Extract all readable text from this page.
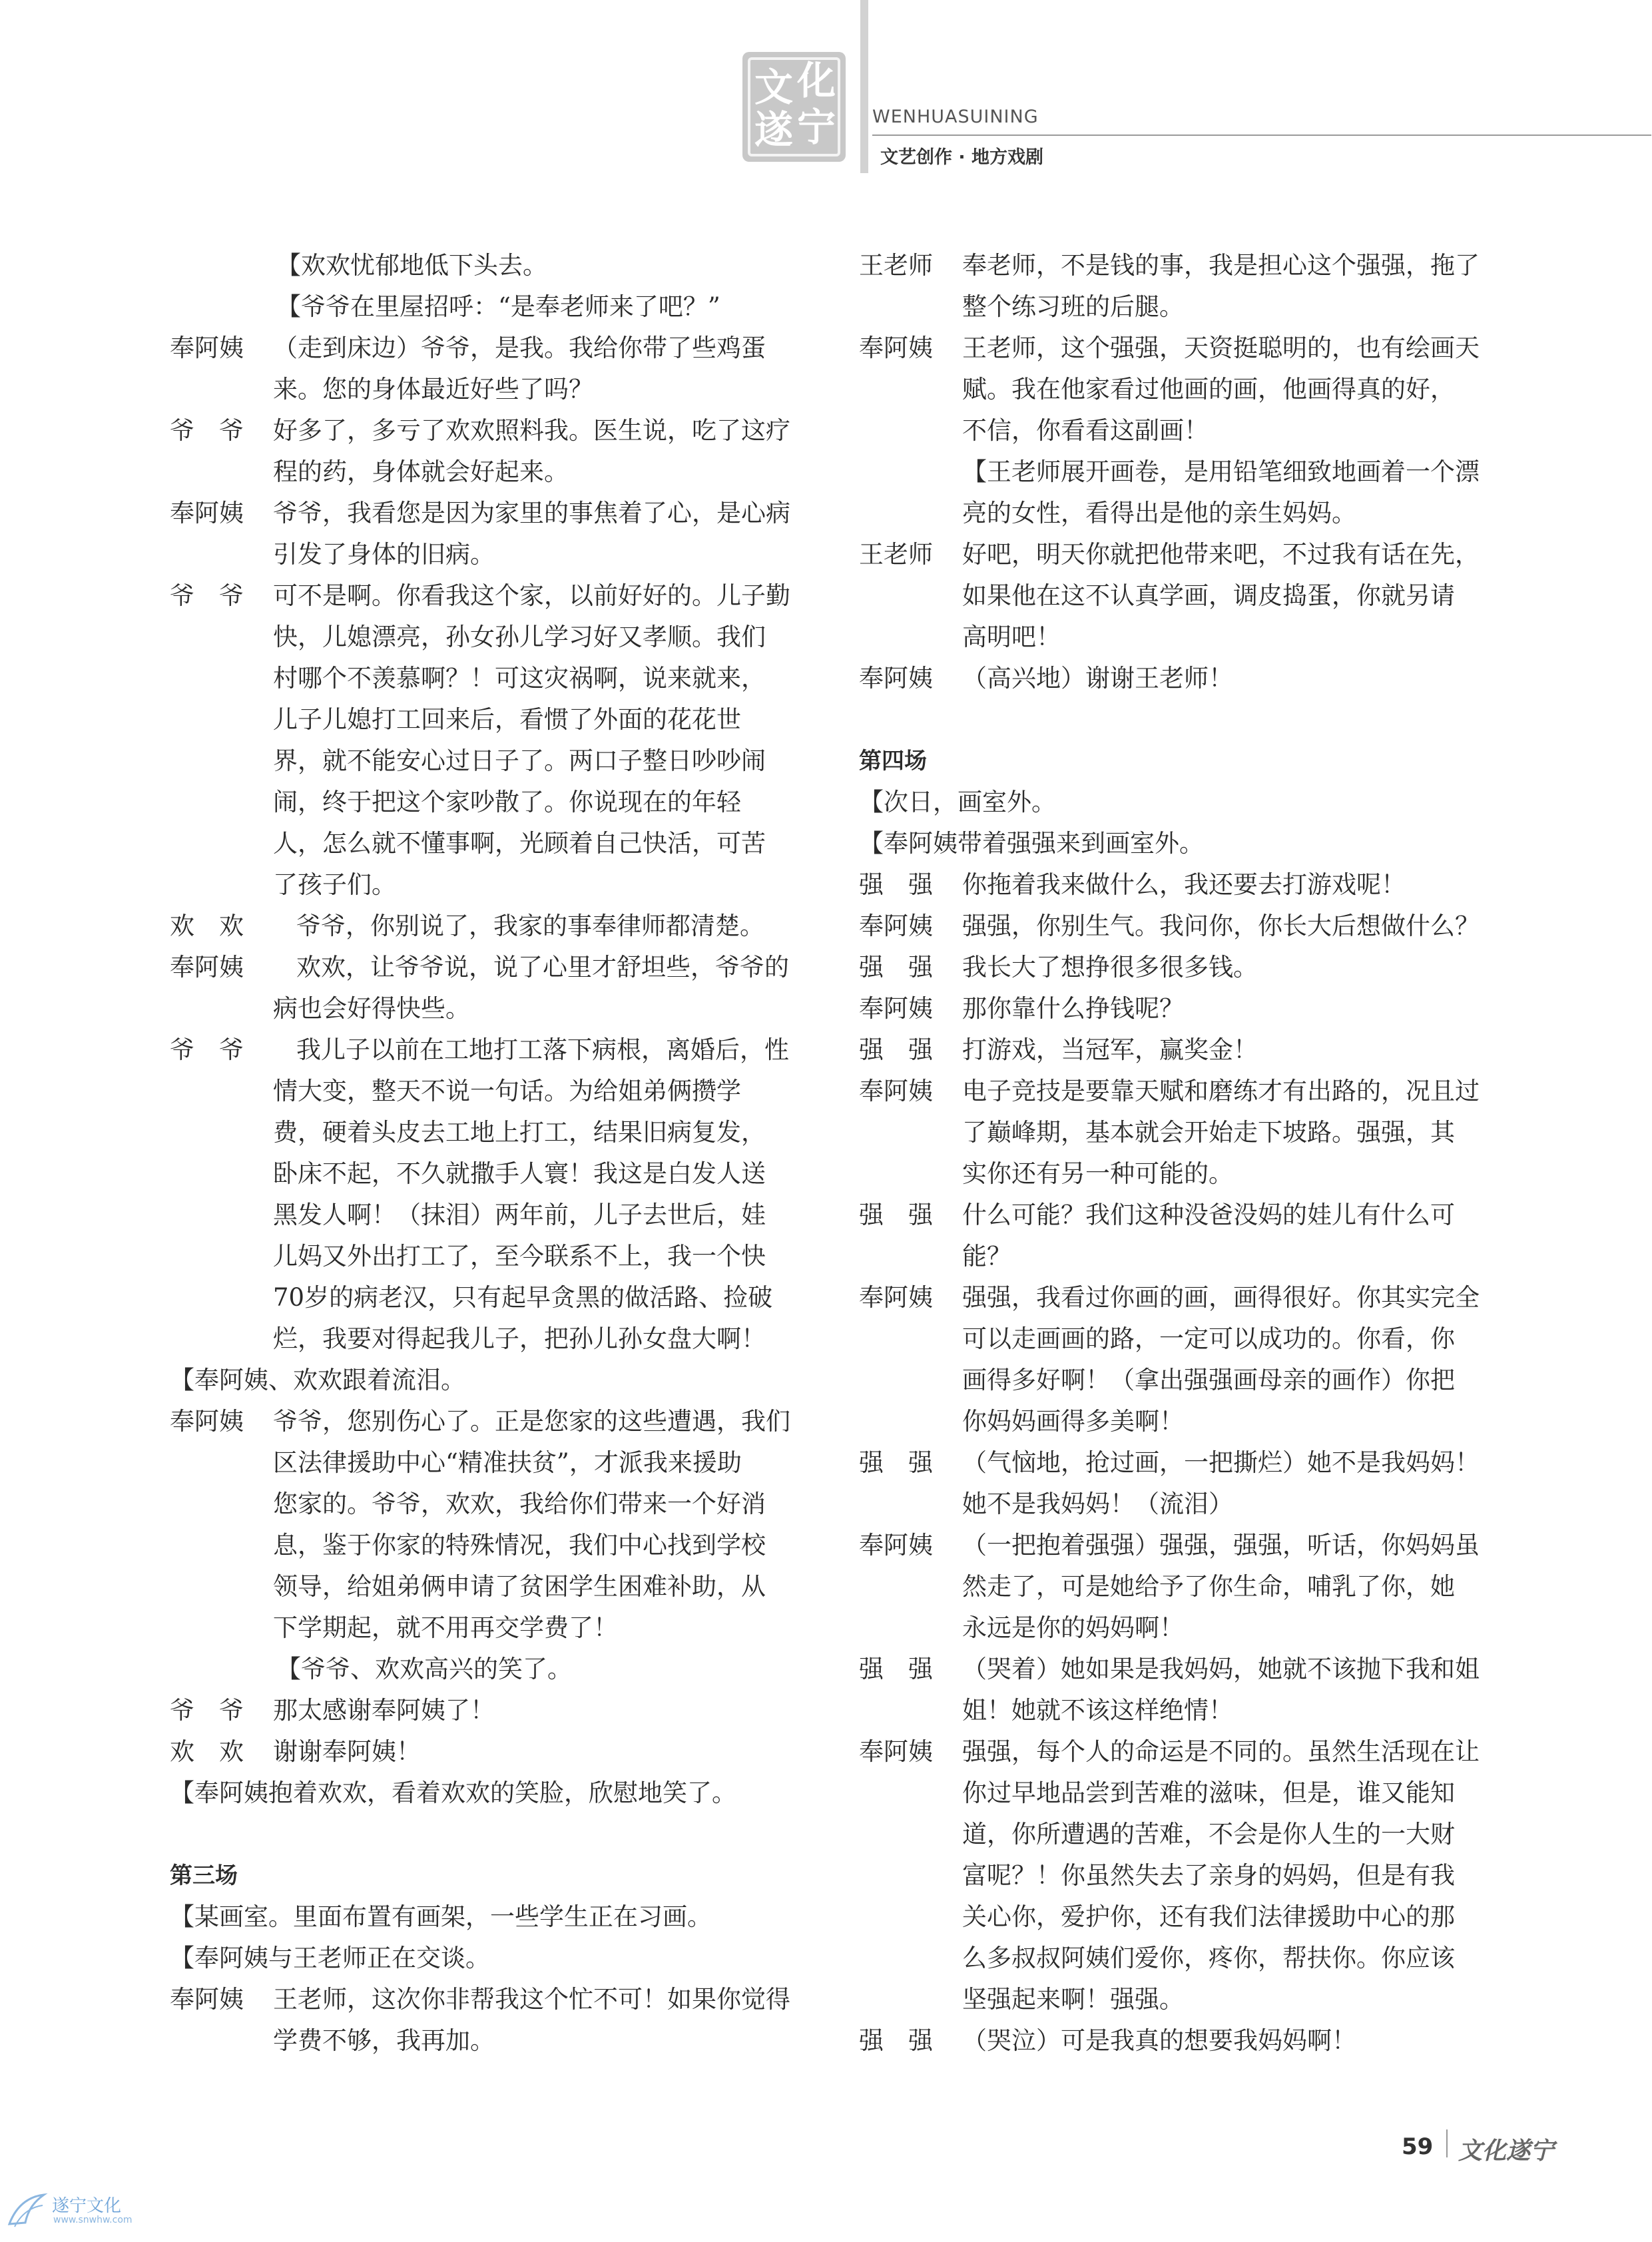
文 化
遂 宁 WENHUASUINING
文艺创作 · 地方戏剧
【欢欢忧郁地低下头去。
【爷爷在里屋招呼：“是奉老师来了吧？”
奉阿姨 （走到床边）爷爷，是我。我给你带了些鸡蛋
来。您的身体最近好些了吗？
爷　爷 好多了，多亏了欢欢照料我。医生说，吃了这疗
程的药，身体就会好起来。
奉阿姨 爷爷，我看您是因为家里的事焦着了心，是心病
引发了身体的旧病。
爷　爷 可不是啊。你看我这个家，以前好好的。儿子勤
快，儿媳漂亮，孙女孙儿学习好又孝顺。我们
村哪个不羡慕啊？！可这灾祸啊，说来就来，
儿子儿媳打工回来后，看惯了外面的花花世
界，就不能安心过日子了。两口子整日吵吵闹
闹，终于把这个家吵散了。你说现在的年轻
人，怎么就不懂事啊，光顾着自己快活，可苦
了孩子们。
欢　欢 爷爷，你别说了，我家的事奉律师都清楚。
奉阿姨 欢欢，让爷爷说，说了心里才舒坦些，爷爷的
病也会好得快些。
爷　爷 我儿子以前在工地打工落下病根，离婚后，性
情大变，整天不说一句话。为给姐弟俩攒学
费，硬着头皮去工地上打工，结果旧病复发，
卧床不起，不久就撒手人寰！我这是白发人送
黑发人啊！（抹泪）两年前，儿子去世后，娃
儿妈又外出打工了，至今联系不上，我一个快
70岁的病老汉，只有起早贪黑的做活路、捡破
烂，我要对得起我儿子，把孙儿孙女盘大啊！
【奉阿姨、欢欢跟着流泪。
奉阿姨 爷爷，您别伤心了。正是您家的这些遭遇，我们
区法律援助中心“精准扶贫”，才派我来援助
您家的。爷爷，欢欢，我给你们带来一个好消
息，鉴于你家的特殊情况，我们中心找到学校
领导，给姐弟俩申请了贫困学生困难补助，从
下学期起，就不用再交学费了！
【爷爷、欢欢高兴的笑了。
爷　爷 那太感谢奉阿姨了！
欢　欢 谢谢奉阿姨！
【奉阿姨抱着欢欢，看着欢欢的笑脸，欣慰地笑了。
第三场
【某画室。里面布置有画架，一些学生正在习画。
【奉阿姨与王老师正在交谈。
奉阿姨 王老师，这次你非帮我这个忙不可！如果你觉得
学费不够，我再加。
王老师 奉老师，不是钱的事，我是担心这个强强，拖了
整个练习班的后腿。
奉阿姨 王老师，这个强强，天资挺聪明的，也有绘画天
赋。我在他家看过他画的画，他画得真的好，
不信，你看看这副画！
【王老师展开画卷，是用铅笔细致地画着一个漂
亮的女性，看得出是他的亲生妈妈。
王老师 好吧，明天你就把他带来吧，不过我有话在先，
如果他在这不认真学画，调皮捣蛋，你就另请
高明吧！
奉阿姨 （高兴地）谢谢王老师！
第四场
【次日，画室外。
【奉阿姨带着强强来到画室外。
强　强 你拖着我来做什么，我还要去打游戏呢！
奉阿姨 强强，你别生气。我问你，你长大后想做什么？
强　强 我长大了想挣很多很多钱。
奉阿姨 那你靠什么挣钱呢？
强　强 打游戏，当冠军，赢奖金！
奉阿姨 电子竞技是要靠天赋和磨练才有出路的，况且过
了巅峰期，基本就会开始走下坡路。强强，其
实你还有另一种可能的。
强　强 什么可能？我们这种没爸没妈的娃儿有什么可
能？
奉阿姨 强强，我看过你画的画，画得很好。你其实完全
可以走画画的路，一定可以成功的。你看，你
画得多好啊！（拿出强强画母亲的画作）你把
你妈妈画得多美啊！
强　强 （气恼地，抢过画，一把撕烂）她不是我妈妈！
她不是我妈妈！（流泪）
奉阿姨 （一把抱着强强）强强，强强，听话，你妈妈虽
然走了，可是她给予了你生命，哺乳了你，她
永远是你的妈妈啊！
强　强 （哭着）她如果是我妈妈，她就不该抛下我和姐
姐！她就不该这样绝情！
奉阿姨 强强，每个人的命运是不同的。虽然生活现在让
你过早地品尝到苦难的滋味，但是，谁又能知
道，你所遭遇的苦难，不会是你人生的一大财
富呢？！你虽然失去了亲身的妈妈，但是有我
关心你，爱护你，还有我们法律援助中心的那
么多叔叔阿姨们爱你，疼你，帮扶你。你应该
坚强起来啊！强强。
强　强 （哭泣）可是我真的想要我妈妈啊！
59 文化遂宁
遂宁文化
www.snwhw.com
